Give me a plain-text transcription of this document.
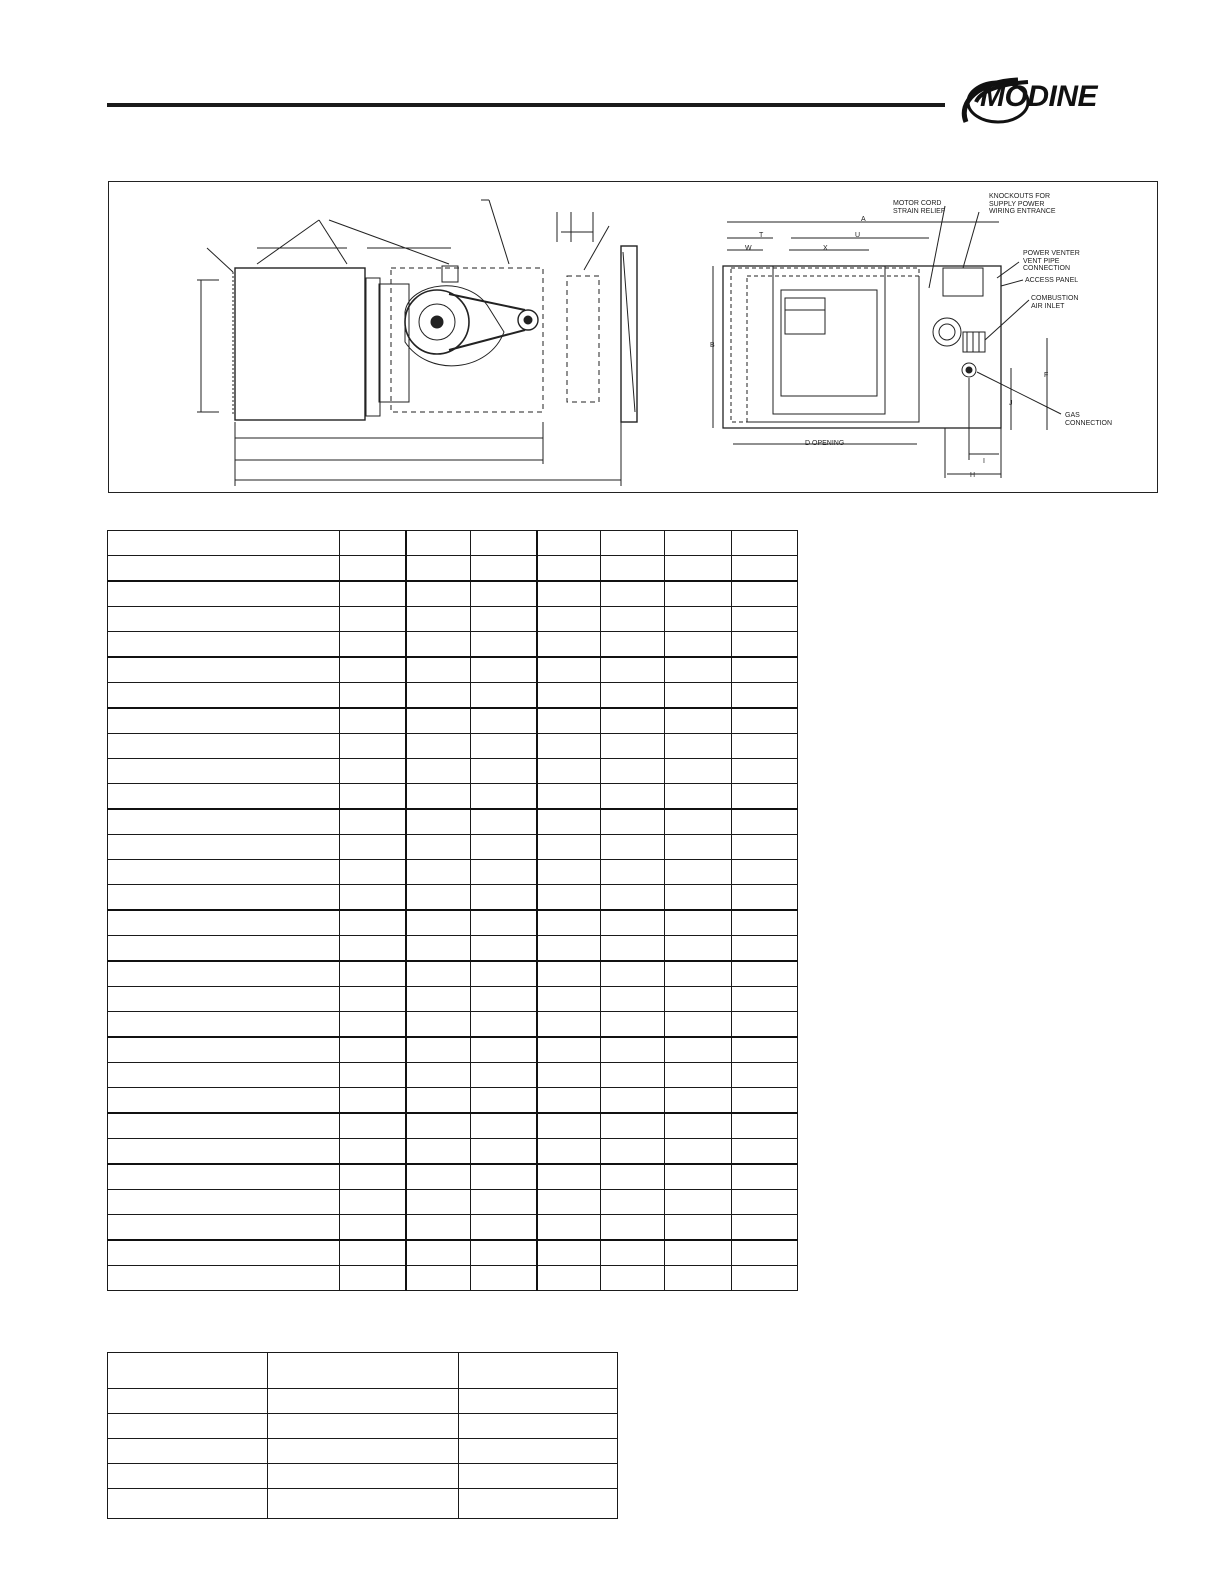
MODINE
MOTOR CORD
STRAIN RELIEF
KNOCKOUTS FOR
SUPPLY POWER
WIRING ENTRANCE
POWER VENTER
VENT PIPE
CONNECTION
ACCESS PANEL
COMBUSTION
AIR INLET
GAS
CONNECTION
D OPENING
A
T	U
W	X
B
F
J
I
H
